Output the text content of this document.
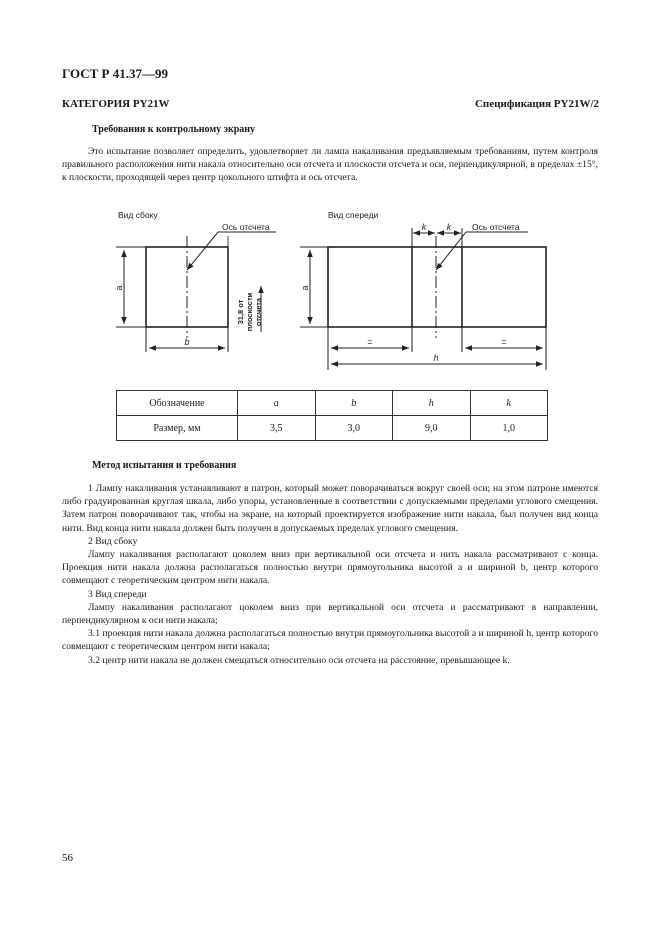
ГОСТ Р 41.37—99
КАТЕГОРИЯ PY21W	Спецификация PY21W/2
Требования к контрольному экрану

Это испытание позволяет определить, удовлетворяет ли лампа накаливания предъявляемым требованиям, путем контроля правильного расположения нити накала относительно оси отсчета и плоскости отсчета и оси, перпендикулярной, в пределах ±15°, к плоскости, проходящей через центр цокольного штифта и ось отсчета.

Вид сбоку	Вид спереди
Ось отсчета	Ось отсчета
a	a
b
h
k k
=	=
31,8 от плоскости отсчета
Обозначение	a	b	h	k
Размер, мм	3,5	3,0	9,0	1,0
Метод испытания и требования

1 Лампу накаливания устанавливают в патрон, который может поворачиваться вокруг своей оси; на этом патроне имеются либо градуированная круглая шкала, либо упоры, установленные в соответствии с допускаемыми пределами углового смещения. Затем патрон поворачивают так, чтобы на экране, на который проектируется изображение нити накала, был получен вид конца нити. Вид конца нити накала должен быть получен в допускаемых пределах углового смещения.

2 Вид сбоку

Лампу накаливания располагают цоколем вниз при вертикальной оси отсчета и нить накала рассматривают с конца. Проекция нити накала должна располагаться полностью внутри прямоугольника высотой a и шириной b, центр которого совмещают с теоретическим центром нити накала.

3 Вид спереди

Лампу накаливания располагают цоколем вниз при вертикальной оси отсчета и рассматривают в направлении, перпендикулярном к оси нити накала;

3.1 проекция нити накала должна располагаться полностью внутри прямоугольника высотой a и шириной h, центр которого совмещают с теоретическим центром нити накала;

3.2 центр нити накала не должен смещаться относительно оси отсчета на расстояние, превышающее k.

56
